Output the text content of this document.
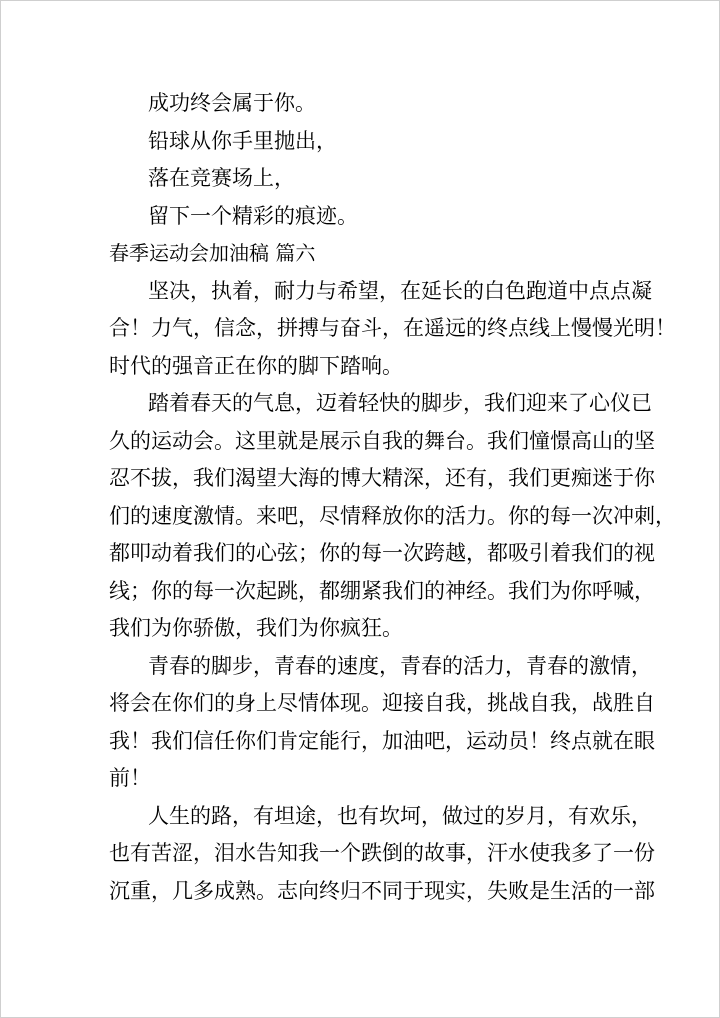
成功终会属于你。
铅球从你手里抛出，
落在竞赛场上，
留下一个精彩的痕迹。
春季运动会加油稿 篇六
坚决，执着，耐力与希望，在延长的白色跑道中点点凝
合！力气，信念，拼搏与奋斗，在遥远的终点线上慢慢光明！
时代的强音正在你的脚下踏响。
踏着春天的气息，迈着轻快的脚步，我们迎来了心仪已
久的运动会。这里就是展示自我的舞台。我们憧憬高山的坚
忍不拔，我们渴望大海的博大精深，还有，我们更痴迷于你
们的速度激情。来吧，尽情释放你的活力。你的每一次冲刺，
都叩动着我们的心弦；你的每一次跨越，都吸引着我们的视
线；你的每一次起跳，都绷紧我们的神经。我们为你呼喊，
我们为你骄傲，我们为你疯狂。
青春的脚步，青春的速度，青春的活力，青春的激情，
将会在你们的身上尽情体现。迎接自我，挑战自我，战胜自
我！我们信任你们肯定能行，加油吧，运动员！终点就在眼
前！
人生的路，有坦途，也有坎坷，做过的岁月，有欢乐，
也有苦涩，泪水告知我一个跌倒的故事，汗水使我多了一份
沉重，几多成熟。志向终归不同于现实，失败是生活的一部
